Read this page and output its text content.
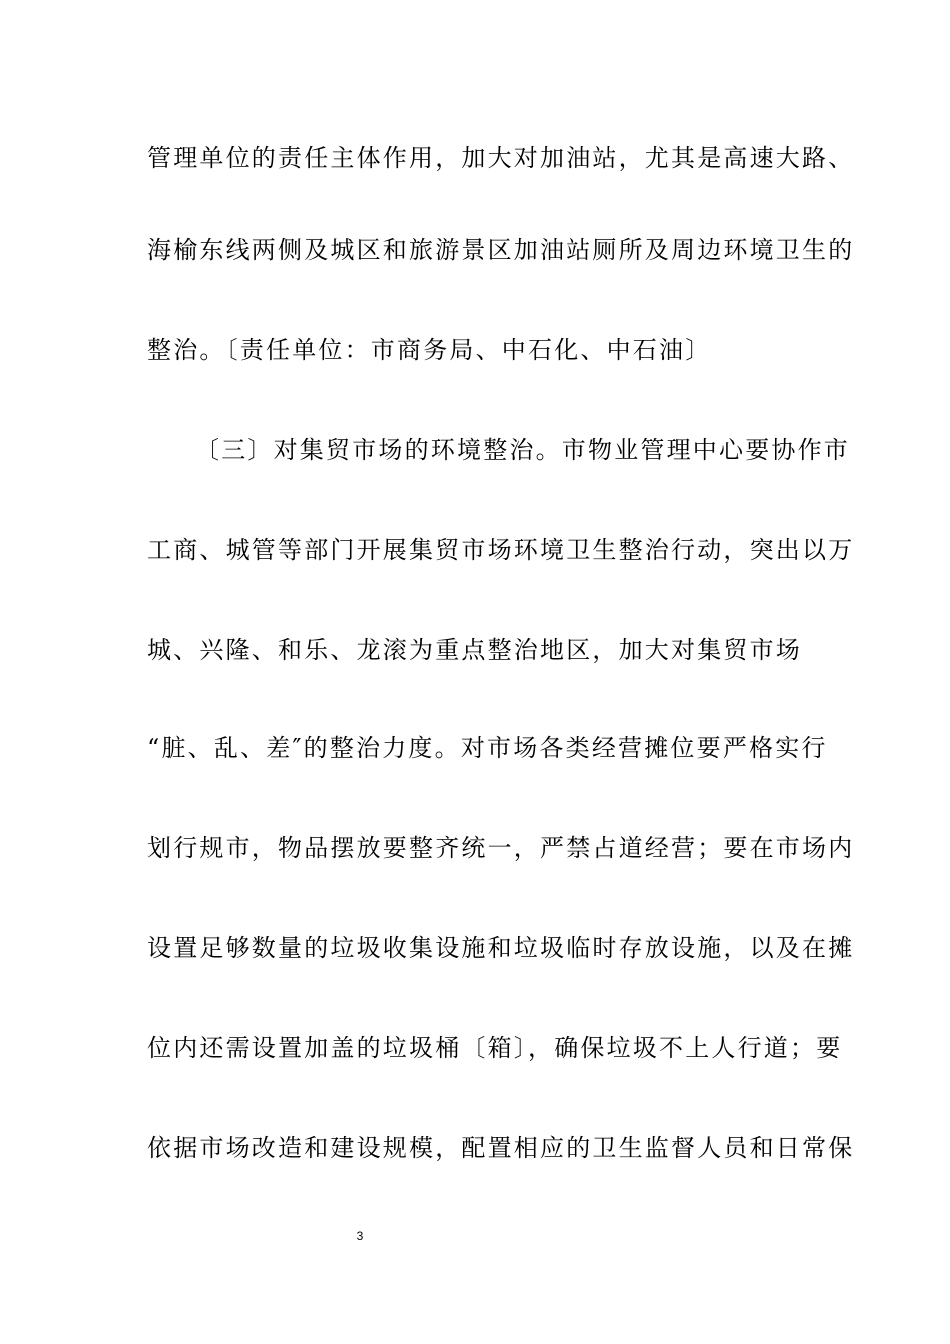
管理单位的责任主体作用，加大对加油站，尤其是高速大路、
海榆东线两侧及城区和旅游景区加油站厕所及周边环境卫生的
整治。〔责任单位：市商务局、中石化、中石油〕
〔三〕对集贸市场的环境整治。市物业管理中心要协作市
工商、城管等部门开展集贸市场环境卫生整治行动，突出以万
城、兴隆、和乐、龙滚为重点整治地区，加大对集贸市场
“脏、乱、差″的整治力度。对市场各类经营摊位要严格实行
划行规市，物品摆放要整齐统一，严禁占道经营；要在市场内
设置足够数量的垃圾收集设施和垃圾临时存放设施，以及在摊
位内还需设置加盖的垃圾桶〔箱〕，确保垃圾不上人行道；要
依据市场改造和建设规模，配置相应的卫生监督人员和日常保
3
